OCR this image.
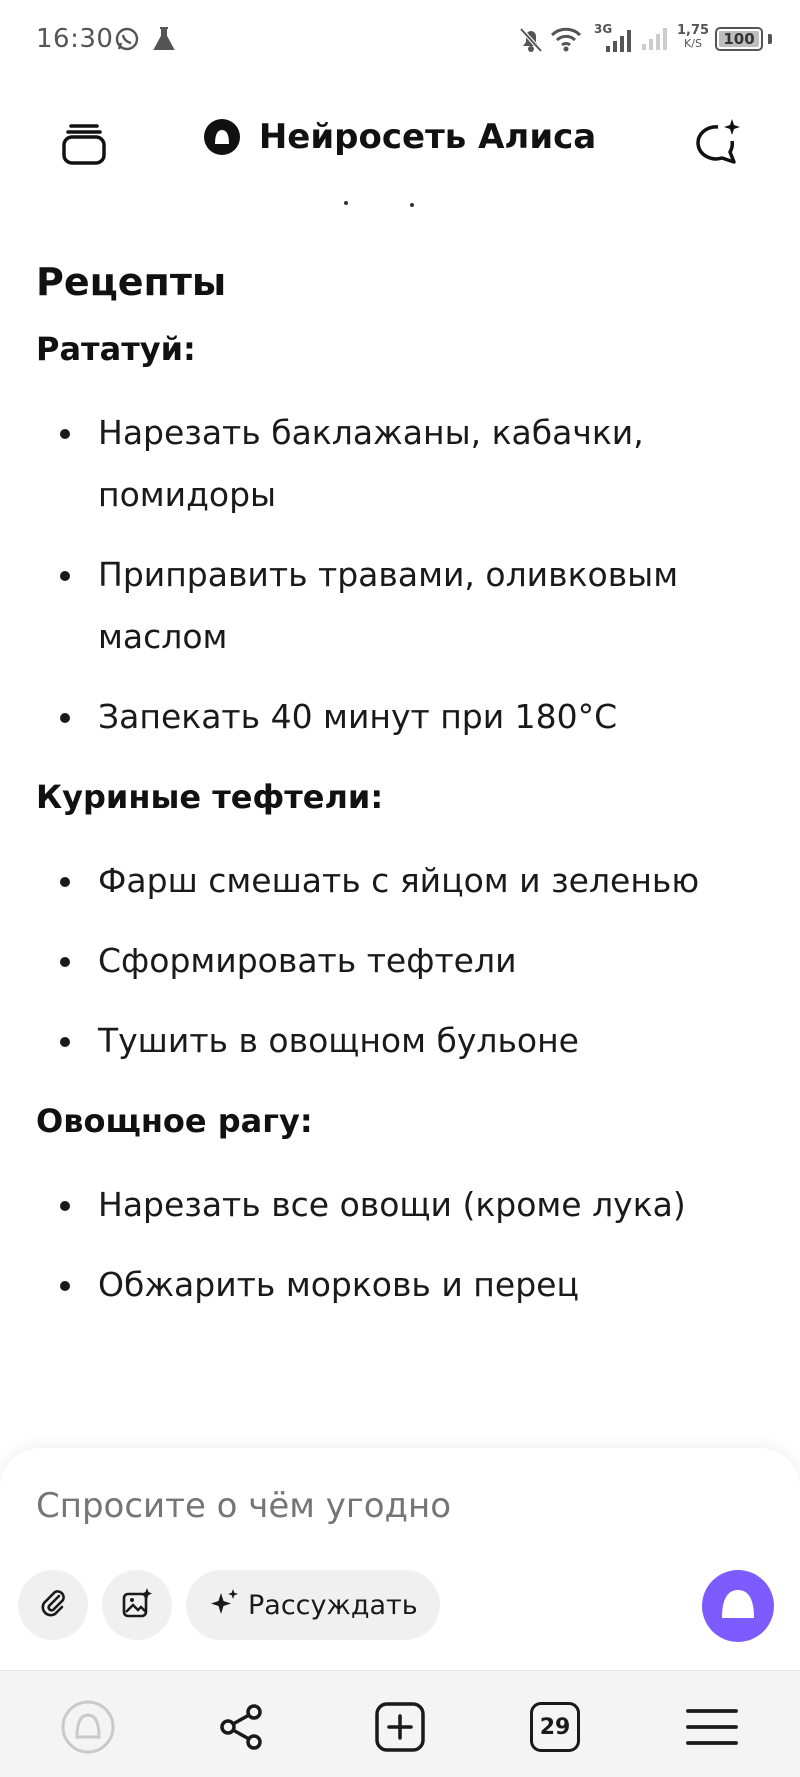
16:30	3G	1,75
K/S	100

Нейросеть Алиса
Рецепты
Рататуй:
Нарезать баклажаны, кабачки, помидоры
Приправить травами, оливковым маслом
Запекать 40 минут при 180°C
Куриные тефтели:
Фарш смешать с яйцом и зеленью
Сформировать тефтели
Тушить в овощном бульоне
Овощное рагу:
Нарезать все овощи (кроме лука)
Обжарить морковь и перец
Спросите о чём угодно
Рассуждать
29
